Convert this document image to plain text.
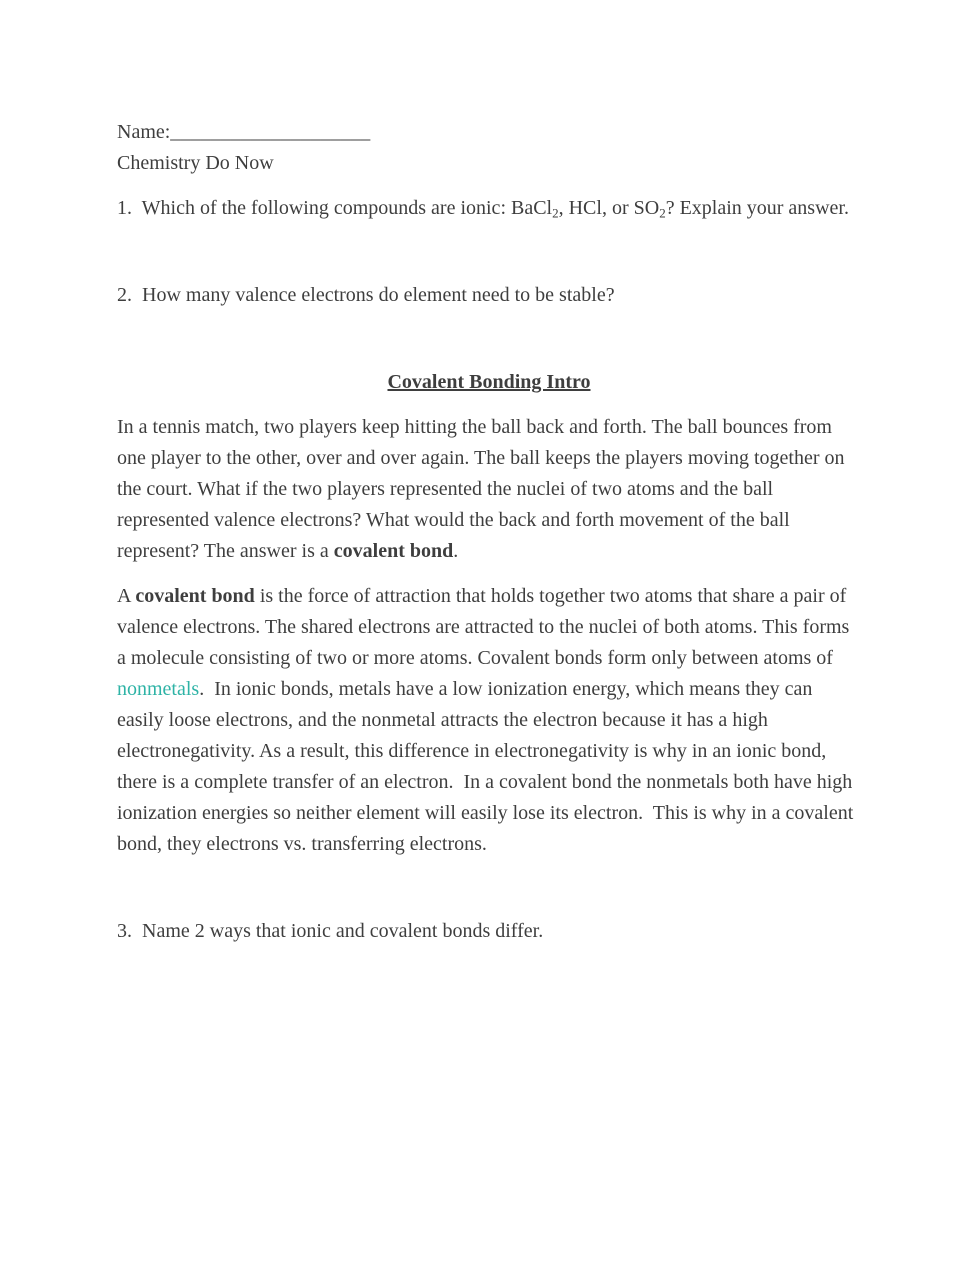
Name:____________________

Chemistry Do Now

1.  Which of the following compounds are ionic: BaCl$_2$, HCl, or $SO_2$? Explain your answer.

2.  How many valence electrons do element need to be stable?

Covalent Bonding Intro

In a tennis match, two players keep hitting the ball back and forth. The ball bounces from one player to the other, over and over again. The ball keeps the players moving together on the court. What if the two players represented the nuclei of two atoms and the ball represented valence electrons? What would the back and forth movement of the ball represent? The answer is a covalent bond.

A covalent bond is the force of attraction that holds together two atoms that share a pair of valence electrons. The shared electrons are attracted to the nuclei of both atoms. This forms a molecule consisting of two or more atoms. Covalent bonds form only between atoms of nonmetals.  In ionic bonds, metals have a low ionization energy, which means they can easily loose electrons, and the nonmetal attracts the electron because it has a high electronegativity. As a result, this difference in electronegativity is why in an ionic bond, there is a complete transfer of an electron.  In a covalent bond the nonmetals both have high ionization energies so neither element will easily lose its electron.  This is why in a covalent bond, they electrons vs. transferring electrons.

3.  Name 2 ways that ionic and covalent bonds differ.
